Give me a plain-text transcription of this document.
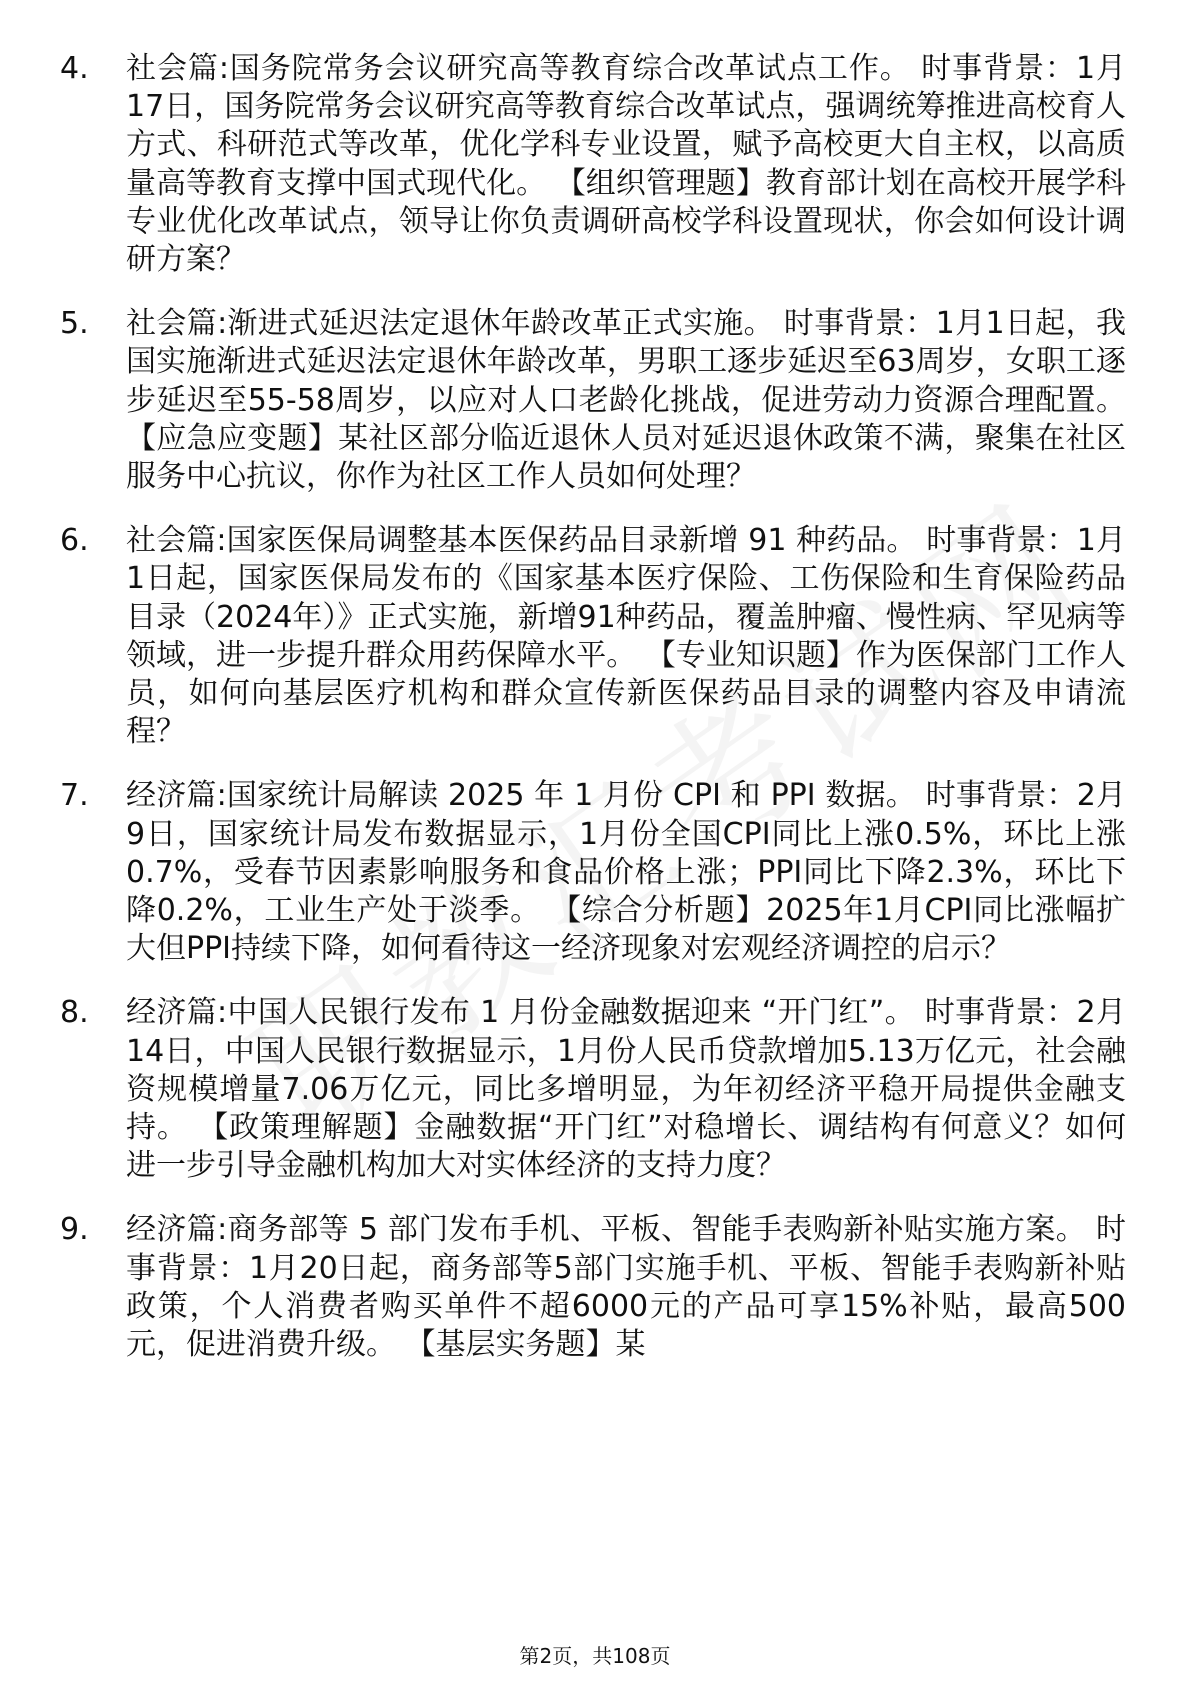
4.	社会篇:国务院常务会议研究高等教育综合改革试点工作。 时事背景：1月17日，国务院常务会议研究高等教育综合改革试点，强调统筹推进高校育人方式、科研范式等改革，优化学科专业设置，赋予高校更大自主权，以高质量高等教育支撑中国式现代化。 【组织管理题】教育部计划在高校开展学科专业优化改革试点，领导让你负责调研高校学科设置现状，你会如何设计调研方案？
5.	社会篇:渐进式延迟法定退休年龄改革正式实施。 时事背景：1月1日起，我国实施渐进式延迟法定退休年龄改革，男职工逐步延迟至63周岁，女职工逐步延迟至55-58周岁，以应对人口老龄化挑战，促进劳动力资源合理配置。 【应急应变题】某社区部分临近退休人员对延迟退休政策不满，聚集在社区服务中心抗议，你作为社区工作人员如何处理？
6.	社会篇:国家医保局调整基本医保药品目录新增 91 种药品。 时事背景：1月1日起，国家医保局发布的《国家基本医疗保险、工伤保险和生育保险药品目录（2024年）》正式实施，新增91种药品，覆盖肿瘤、慢性病、罕见病等领域，进一步提升群众用药保障水平。 【专业知识题】作为医保部门工作人员，如何向基层医疗机构和群众宣传新医保药品目录的调整内容及申请流程？
7.	经济篇:国家统计局解读 2025 年 1 月份 CPI 和 PPI 数据。 时事背景：2月9日，国家统计局发布数据显示，1月份全国CPI同比上涨0.5%，环比上涨0.7%，受春节因素影响服务和食品价格上涨；PPI同比下降2.3%，环比下降0.2%，工业生产处于淡季。 【综合分析题】2025年1月CPI同比涨幅扩大但PPI持续下降，如何看待这一经济现象对宏观经济调控的启示？
8.	经济篇:中国人民银行发布 1 月份金融数据迎来 “开门红”。 时事背景：2月14日，中国人民银行数据显示，1月份人民币贷款增加5.13万亿元，社会融资规模增量7.06万亿元，同比多增明显，为年初经济平稳开局提供金融支持。 【政策理解题】金融数据“开门红”对稳增长、调结构有何意义？如何进一步引导金融机构加大对实体经济的支持力度？
9.	经济篇:商务部等 5 部门发布手机、平板、智能手表购新补贴实施方案。 时事背景：1月20日起，商务部等5部门实施手机、平板、智能手表购新补贴政策，个人消费者购买单件不超6000元的产品可享15%补贴，最高500元，促进消费升级。 【基层实务题】某
第2页，共108页
